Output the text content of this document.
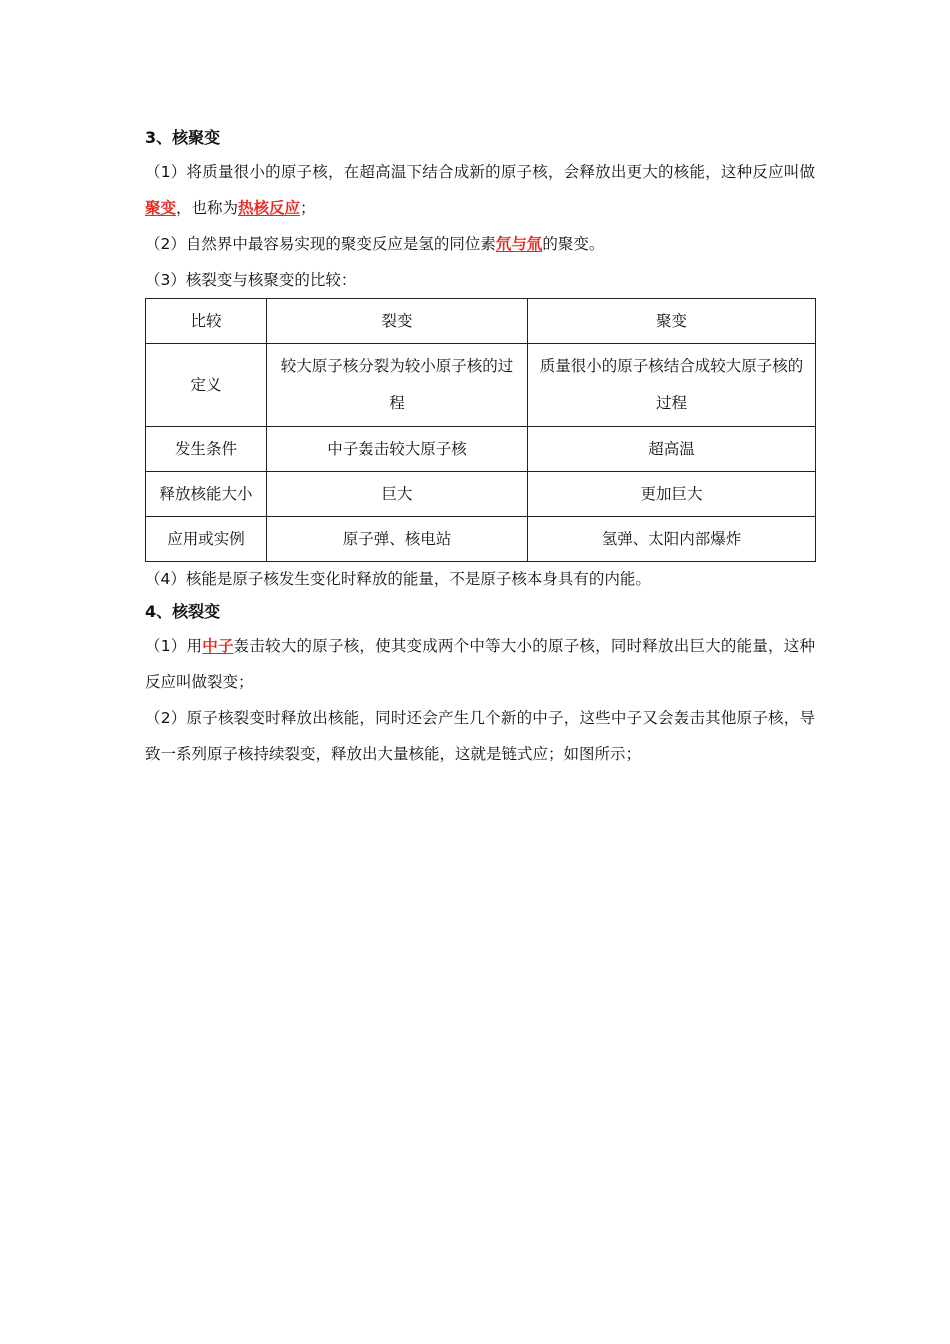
3、核聚变

（1）将质量很小的原子核，在超高温下结合成新的原子核，会释放出更大的核能，这种反应叫做聚变，也称为热核反应；

（2）自然界中最容易实现的聚变反应是氢的同位素氘与氚的聚变。

（3）核裂变与核聚变的比较：

比较	裂变	聚变
定义	较大原子核分裂为较小原子核的过程	质量很小的原子核结合成较大原子核的过程
发生条件	中子轰击较大原子核	超高温
释放核能大小	巨大	更加巨大
应用或实例	原子弹、核电站	氢弹、太阳内部爆炸

（4）核能是原子核发生变化时释放的能量，不是原子核本身具有的内能。

4、核裂变

（1）用中子轰击较大的原子核，使其变成两个中等大小的原子核，同时释放出巨大的能量，这种反应叫做裂变；

（2）原子核裂变时释放出核能，同时还会产生几个新的中子，这些中子又会轰击其他原子核，导致一系列原子核持续裂变，释放出大量核能，这就是链式应；如图所示；
